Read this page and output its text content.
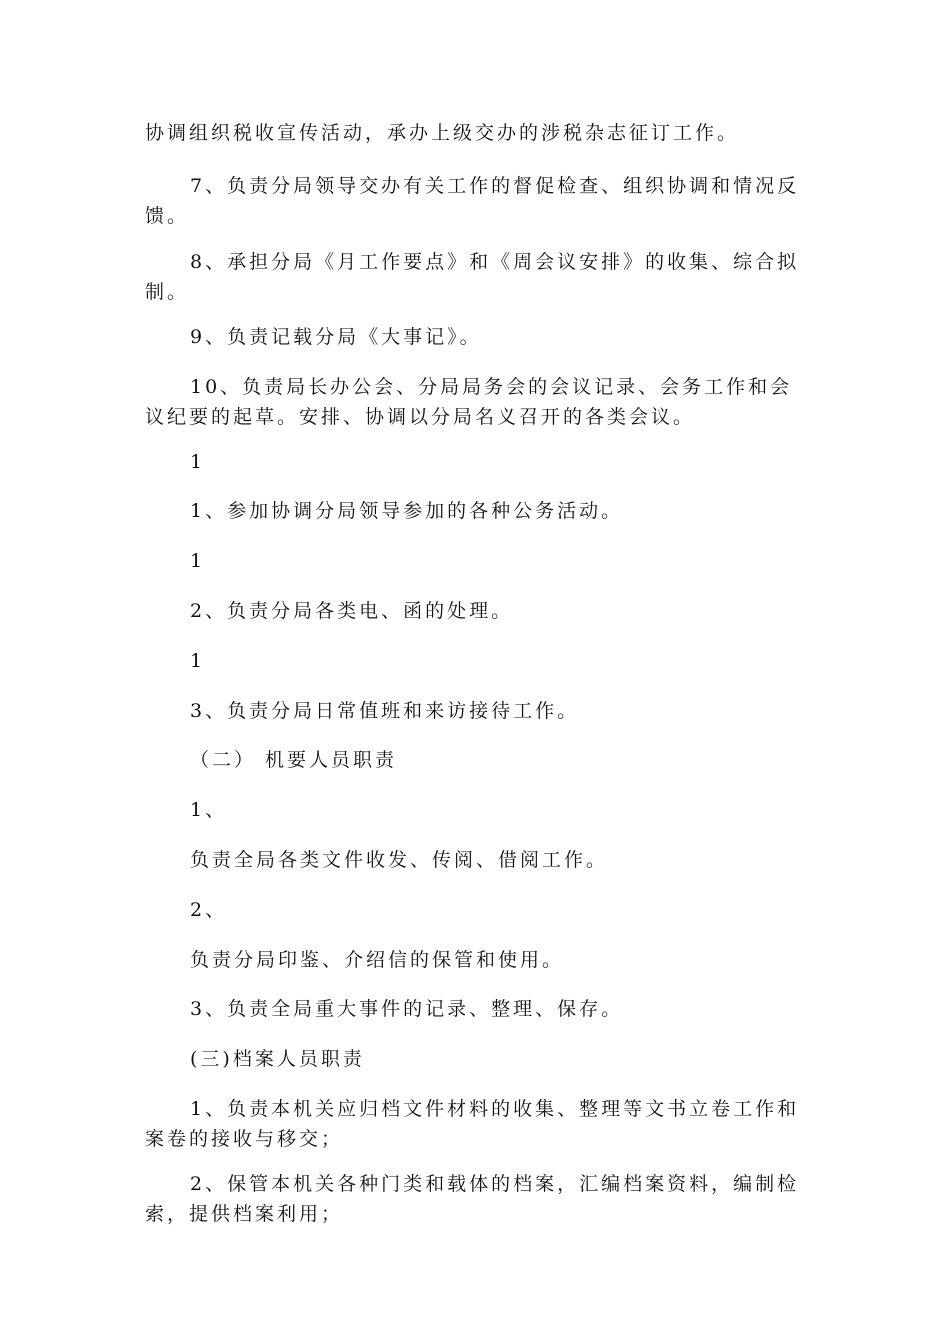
协调组织税收宣传活动，承办上级交办的涉税杂志征订工作。

7、负责分局领导交办有关工作的督促检查、组织协调和情况反馈。

8、承担分局《月工作要点》和《周会议安排》的收集、综合拟制。

9、负责记载分局《大事记》。

10、负责局长办公会、分局局务会的会议记录、会务工作和会议纪要的起草。安排、协调以分局名义召开的各类会议。

1

1、参加协调分局领导参加的各种公务活动。

1

2、负责分局各类电、函的处理。

1

3、负责分局日常值班和来访接待工作。

（二） 机要人员职责

1、

负责全局各类文件收发、传阅、借阅工作。

2、

负责分局印鉴、介绍信的保管和使用。

3、负责全局重大事件的记录、整理、保存。

(三)档案人员职责

1、负责本机关应归档文件材料的收集、整理等文书立卷工作和案卷的接收与移交；

2、保管本机关各种门类和载体的档案，汇编档案资料，编制检索，提供档案利用；
